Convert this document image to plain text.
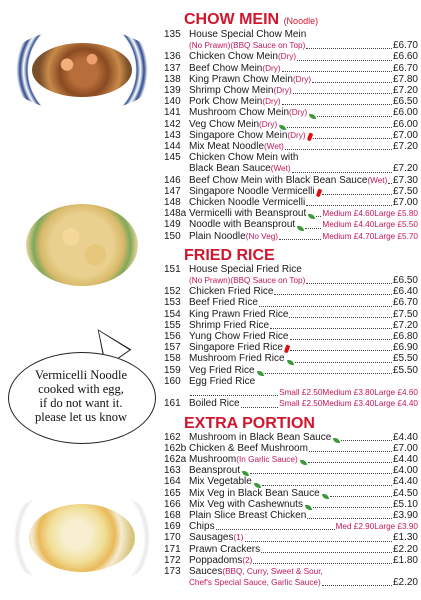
Vermicelli Noodle
cooked with egg,
if do not want it.
please let us know
CHOW MEIN (Noodle)
135 House Special Chow Mein
(No Prawn)(BBQ Sauce on Top)	£6.70
136 Chicken Chow Mein (Dry)	£6.60
137 Beef Chow Mein (Dry)	£6.70
138 King Prawn Chow Mein (Dry)	£7.80
139 Shrimp Chow Mein (Dry)	£7.20
140 Pork Chow Mein (Dry)	£6.50
141 Mushroom Chow Mein (Dry)	£6.00
142 Veg Chow Mein (Dry)	£6.00
143 Singapore Chow Mein (Dry)	£7.00
144 Mix Meat Noodle (Wet)	£7.20
145 Chicken Chow Mein with
Black Bean Sauce (Wet)	£7.20
146 Beef Chow Mein with Black Bean Sauce (Wet) £7.30
147 Singapore Noodle Vermicelli	£7.50
148 Chicken Noodle Vermicelli	£7.00
148a Vermicelli with Beansprout Medium £4.60 Large £5.80
149 Noodle with Beansprout	Medium £4.40 Large £5.50
150 Plain Noodle (No Veg)	Medium £4.70 Large £5.70
FRIED RICE
151 House Special Fried Rice
(No Prawn)(BBQ Sauce on Top)	£6.50
152 Chicken Fried Rice	£6.40
153 Beef Fried Rice	£6.70
154 King Prawn Fried Rice	£7.50
155 Shrimp Fried Rice	£7.20
156 Yung Chow Fried Rice	£6.80
157 Singapore Fried Rice	£6.90
158 Mushroom Fried Rice	£5.50
159 Veg Fried Rice	£5.50
160 Egg Fried Rice
Small £2.50 Medium £3.80 Large £4.60
161 Boiled Rice	Small £2.50 Medium £3.40 Large £4.40
EXTRA PORTION
162 Mushroom in Black Bean Sauce	£4.40
162b Chicken & Beef Mushroom	£7.00
162a Mushroom (In Garlic Sauce)	£4.40
163 Beansprout	£4.00
164 Mix Vegetable	£4.40
165 Mix Veg in Black Bean Sauce	£4.50
166 Mix Veg with Cashewnuts	£5.10
168 Plain Slice Breast Chicken	£3.90
169 Chips	Med £2.90 Large £3.90
170 Sausages (1)	£1.30
171 Prawn Crackers	£2.20
172 Poppadoms (2)	£1.80
173 Sauces (BBQ, Curry, Sweet & Sour,
Chef's Special Sauce, Garlic Sauce)	£2.20
